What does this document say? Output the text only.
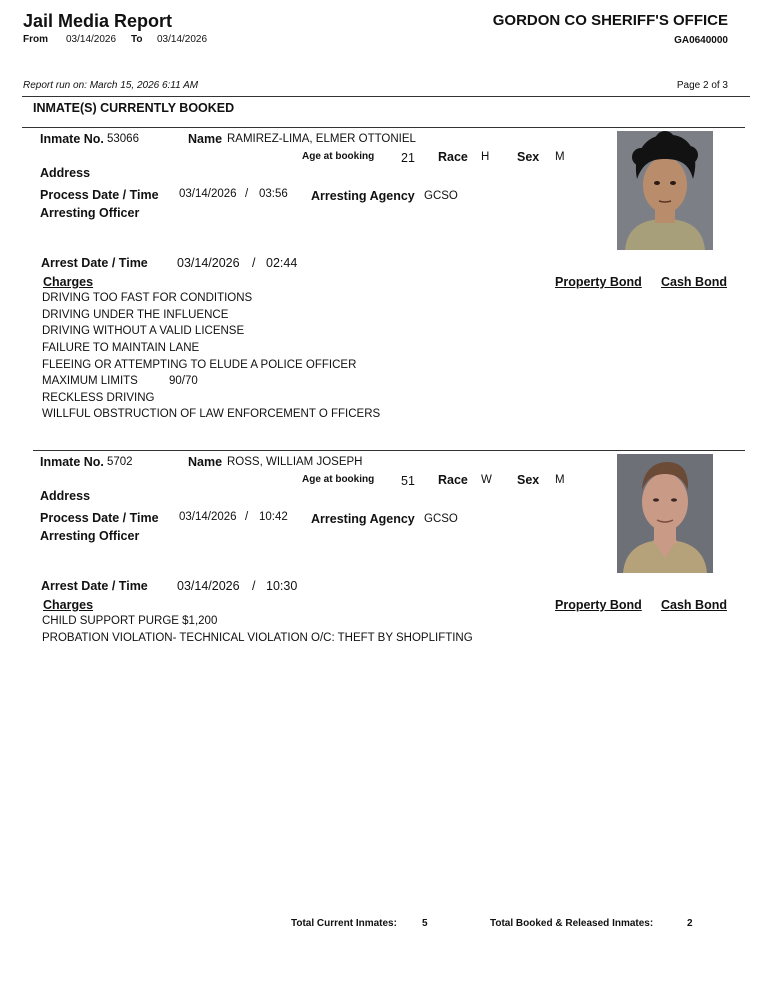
Jail Media Report
From 03/14/2026 To 03/14/2026
GORDON CO SHERIFF'S OFFICE
GA0640000
Report run on: March 15, 2026 6:11 AM	Page 2 of 3
INMATE(S) CURRENTLY BOOKED
Inmate No. 53066	Name RAMIREZ-LIMA, ELMER OTTONIEL
Age at booking 21 Race H Sex M
Address
Process Date / Time 03/14/2026 / 03:56 Arresting Agency GCSO
Arresting Officer
Arrest Date / Time 03/14/2026 / 02:44
Charges	Property Bond Cash Bond
DRIVING TOO FAST FOR CONDITIONS
DRIVING UNDER THE INFLUENCE
DRIVING WITHOUT A VALID LICENSE
FAILURE TO MAINTAIN LANE
FLEEING OR ATTEMPTING TO ELUDE A POLICE OFFICER
MAXIMUM LIMITS	90/70
RECKLESS DRIVING
WILLFUL OBSTRUCTION OF LAW ENFORCEMENT O FFICERS
Inmate No. 5702	Name ROSS, WILLIAM JOSEPH
Age at booking 51 Race W Sex M
Address
Process Date / Time 03/14/2026 / 10:42 Arresting Agency GCSO
Arresting Officer
Arrest Date / Time 03/14/2026 / 10:30
Charges	Property Bond Cash Bond
CHILD SUPPORT PURGE $1,200
PROBATION VIOLATION- TECHNICAL VIOLATION O/C: THEFT BY SHOPLIFTING
Total Current Inmates:	5	Total Booked & Released Inmates:	2
